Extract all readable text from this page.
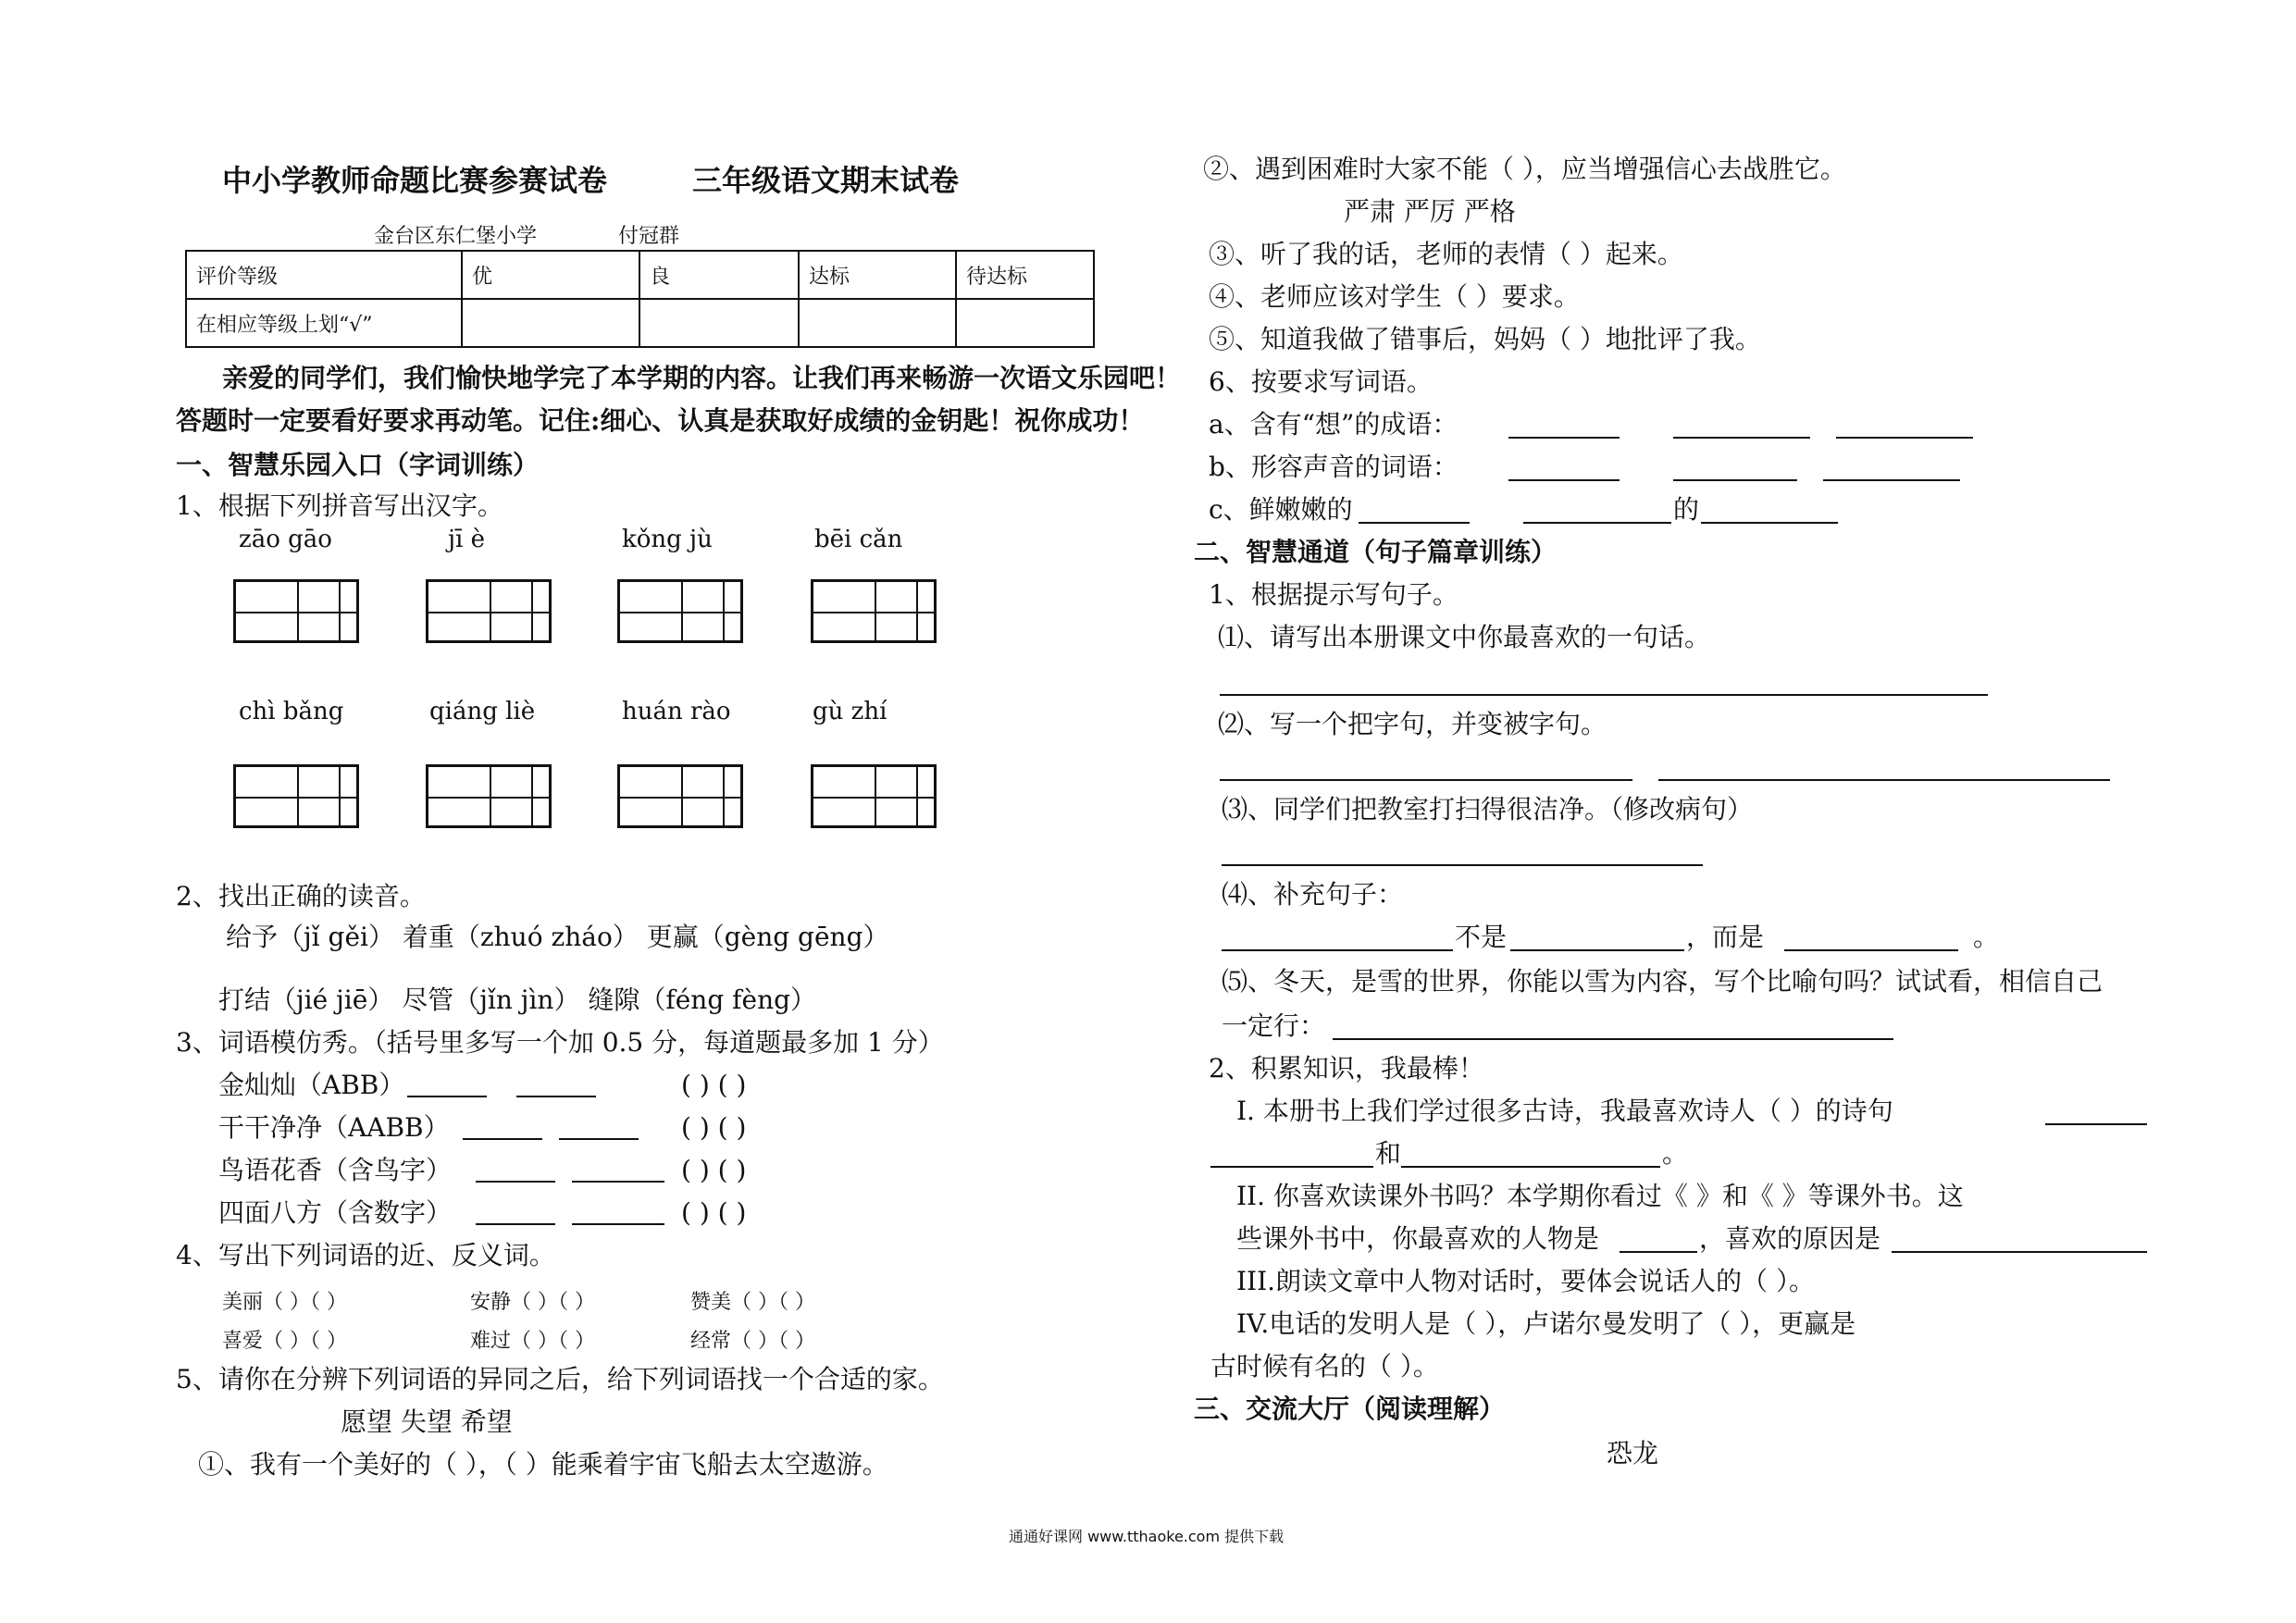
中小学教师命题比赛参赛试卷	三年级语文期末试卷
金台区东仁堡小学	付冠群
评价等级	优	良	达标	待达标
在相应等级上划“√”				
亲爱的同学们，我们愉快地学完了本学期的内容。让我们再来畅游一次语文乐园吧！
答题时一定要看好要求再动笔。记住:细心、认真是获取好成绩的金钥匙！祝你成功！
一、智慧乐园入口（字词训练）
1、根据下列拼音写出汉字。
zāo gāo	jī è	kǒng jù	bēi cǎn
chì bǎng	qiáng liè	huán rào	gù zhí
2、找出正确的读音。
给予（jǐ gěi） 着重（zhuó zháo） 更赢（gèng gēng）
打结（jié jiē） 尽管（jǐn jìn） 缝隙（féng fèng）
3、词语模仿秀。（括号里多写一个加 0.5 分，每道题最多加 1 分）
金灿灿（ABB）	( ) ( )
干干净净（AABB）	( ) ( )
鸟语花香（含鸟字）	( ) ( )
四面八方（含数字）	( ) ( )
4、写出下列词语的近、反义词。
美丽（ ）（ ）	安静（ ）（ ）	赞美（ ）（ ）
喜爱（ ）（ ）	难过（ ）（ ）	经常（ ）（ ）
5、请你在分辨下列词语的异同之后，给下列词语找一个合适的家。
愿望 失望 希望
①、我有一个美好的（ ），（ ）能乘着宇宙飞船去太空遨游。
②、遇到困难时大家不能（ ），应当增强信心去战胜它。
严肃 严厉 严格
③、听了我的话，老师的表情（ ）起来。
④、老师应该对学生（ ）要求。
⑤、知道我做了错事后，妈妈（ ）地批评了我。
6、按要求写词语。
a、含有“想”的成语：
b、形容声音的词语：
c、鲜嫩嫩的	的
二、智慧通道（句子篇章训练）
1、根据提示写句子。
⑴、请写出本册课文中你最喜欢的一句话。
⑵、写一个把字句，并变被字句。
⑶、同学们把教室打扫得很洁净。（修改病句）
⑷、补充句子：
不是	，而是	。
⑸、冬天，是雪的世界，你能以雪为内容，写个比喻句吗？试试看，相信自己
一定行：
2、积累知识，我最棒！
I. 本册书上我们学过很多古诗，我最喜欢诗人（ ）的诗句
和	。
II. 你喜欢读课外书吗？本学期你看过《 》和《 》等课外书。这
些课外书中，你最喜欢的人物是	，喜欢的原因是
III.朗读文章中人物对话时，要体会说话人的（ ）。
IV.电话的发明人是（ ），卢诺尔曼发明了（ ），更赢是
古时候有名的（ ）。
三、交流大厅（阅读理解）
恐龙
通通好课网 www.tthaoke.com 提供下载
